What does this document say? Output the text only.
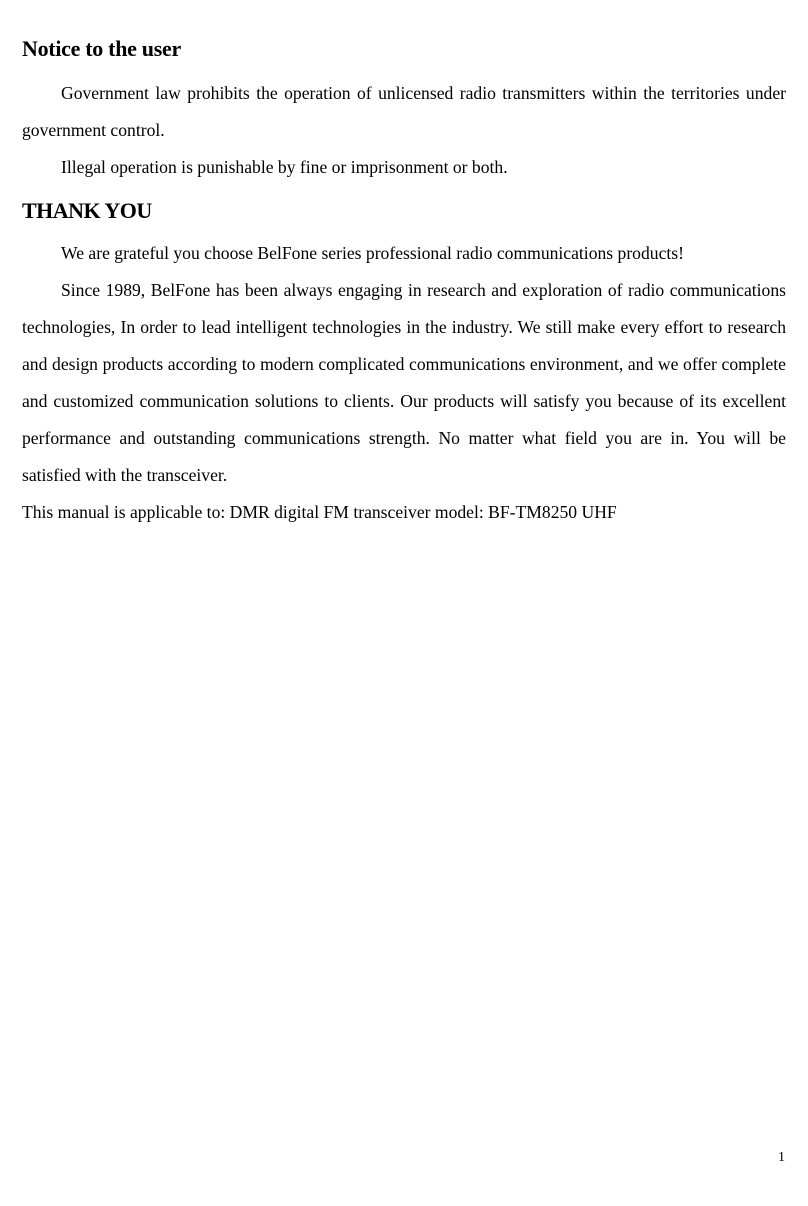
Notice to the user

Government law prohibits the operation of unlicensed radio transmitters within the territories under government control.

Illegal operation is punishable by fine or imprisonment or both.

THANK YOU

We are grateful you choose BelFone series professional radio communications products!

Since 1989, BelFone has been always engaging in research and exploration of radio communications technologies, In order to lead intelligent technologies in the industry. We still make every effort to research and design products according to modern complicated communications environment, and we offer complete and customized communication solutions to clients. Our products will satisfy you because of its excellent performance and outstanding communications strength. No matter what field you are in. You will be satisfied with the transceiver.

This manual is applicable to: DMR digital FM transceiver model: BF-TM8250 UHF

1
